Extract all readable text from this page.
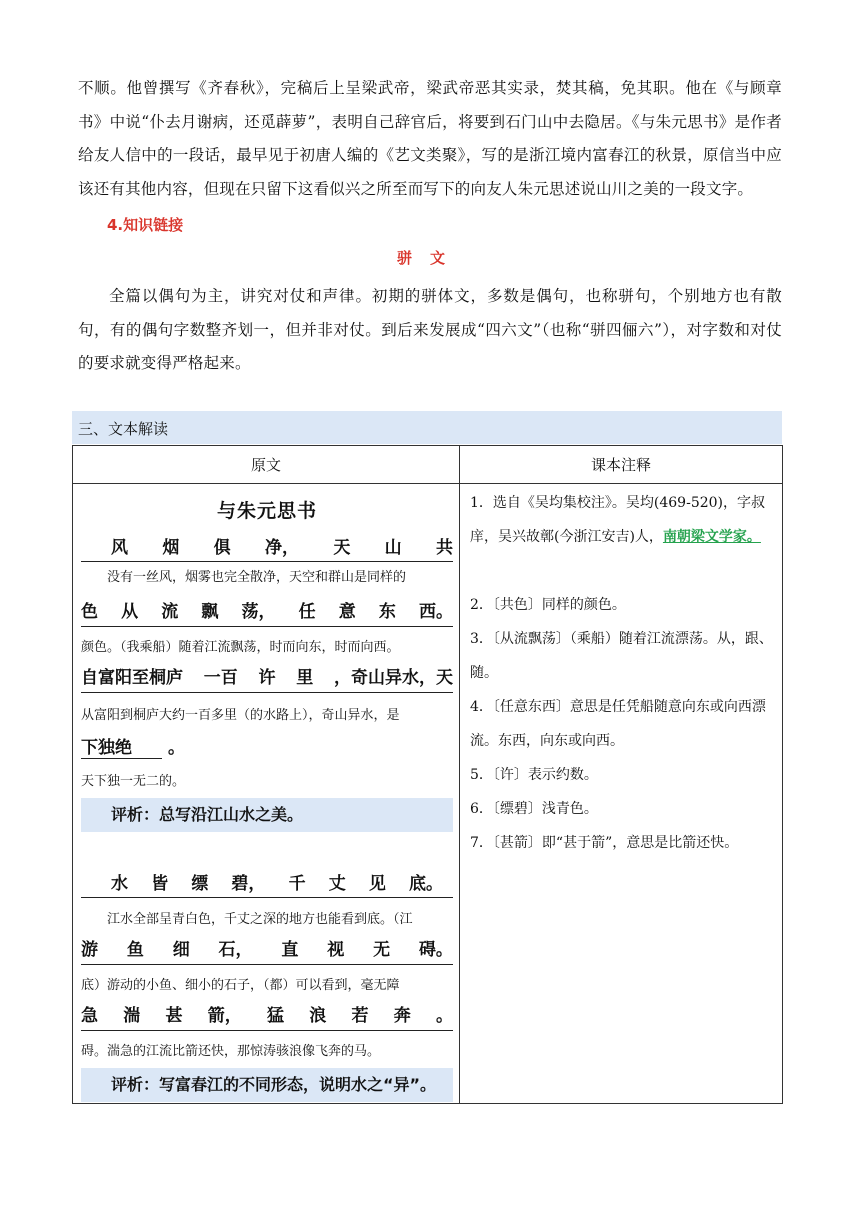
不顺。他曾撰写《齐春秋》，完稿后上呈梁武帝，梁武帝恶其实录，焚其稿，免其职。他在《与顾章书》中说“仆去月谢病，还觅薜萝”，表明自己辞官后，将要到石门山中去隐居。《与朱元思书》是作者给友人信中的一段话，最早见于初唐人编的《艺文类聚》，写的是浙江境内富春江的秋景，原信当中应该还有其他内容，但现在只留下这看似兴之所至而写下的向友人朱元思述说山川之美的一段文字。
4.知识链接
骈文
全篇以偶句为主，讲究对仗和声律。初期的骈体文，多数是偶句，也称骈句，个别地方也有散句，有的偶句字数整齐划一，但并非对仗。到后来发展成“四六文”（也称“骈四俪六”），对字数和对仗的要求就变得严格起来。
三、文本解读
原文	课本注释
与朱元思书
风 烟 俱 净， 天 山 共
没有一丝风，烟雾也完全散净，天空和群山是同样的
色 从 流 飘 荡， 任 意 东 西。
颜色。（我乘船）随着江流飘荡，时而向东，时而向西。
自富阳至桐庐 一百 许 里 ，奇山异水，天
从富阳到桐庐大约一百多里（的水路上），奇山异水，是
下独绝 。
天下独一无二的。
评析：总写沿江山水之美。
水 皆 缥 碧， 千 丈 见 底。
江水全部呈青白色，千丈之深的地方也能看到底。（江
游 鱼 细 石， 直 视 无 碍。
底）游动的小鱼、细小的石子，（都）可以看到，毫无障
急 湍 甚 箭， 猛 浪 若 奔 。
碍。湍急的江流比箭还快，那惊涛骇浪像飞奔的马。
评析：写富春江的不同形态，说明水之“异”。
1．选自《吴均集校注》。吴均(469-520)，字叔庠，吴兴故鄣(今浙江安吉)人，南朝梁文学家。
2．〔共色〕同样的颜色。
3．〔从流飘荡〕（乘船）随着江流漂荡。从，跟、随。
4．〔任意东西〕意思是任凭船随意向东或向西漂流。东西，向东或向西。
5．〔许〕表示约数。
6．〔缥碧〕浅青色。
7．〔甚箭〕即“甚于箭”，意思是比箭还快。
